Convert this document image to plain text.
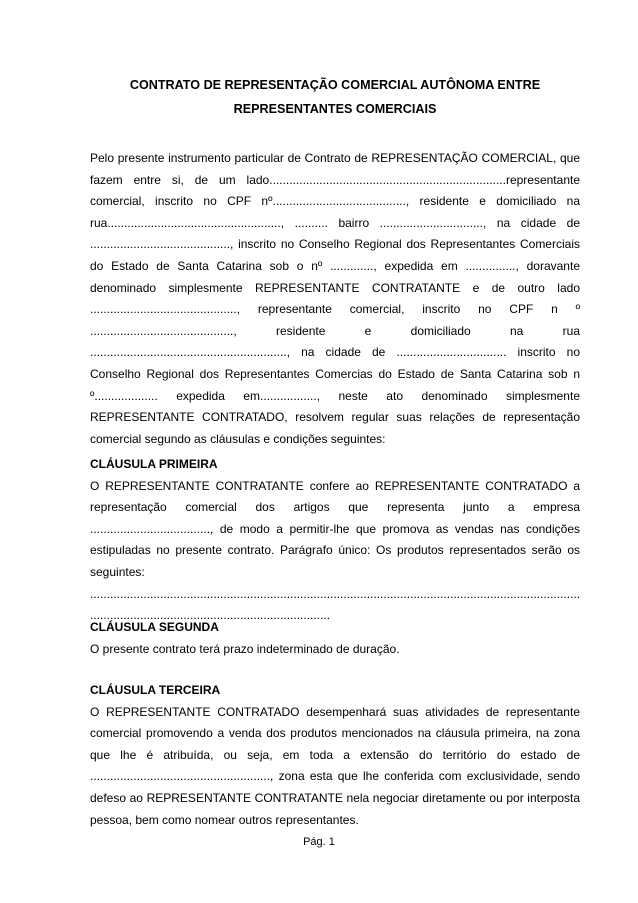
CONTRATO DE REPRESENTAÇÃO COMERCIAL AUTÔNOMA ENTRE
REPRESENTANTES COMERCIAIS

Pelo presente instrumento particular de Contrato de REPRESENTAÇÃO COMERCIAL, que fazem entre si, de um lado.......................................................................representante comercial, inscrito no CPF nº........................................, residente e domiciliado na rua...................................................., .......... bairro ..............................., na cidade de .........................................., inscrito no Conselho Regional dos Representantes Comerciais do Estado de Santa Catarina sob o nº ............., expedida em ..............., doravante denominado simplesmente REPRESENTANTE CONTRATANTE e de outro lado ............................................, representante comercial, inscrito no CPF n º ..........................................., residente e domiciliado na rua ..........................................................., na cidade de ................................. inscrito no Conselho Regional dos Representantes Comercias do Estado de Santa Catarina sob n º................... expedida em................., neste ato denominado simplesmente REPRESENTANTE CONTRATADO, resolvem regular suas relações de representação comercial segundo as cláusulas e condições seguintes:

CLÁUSULA PRIMEIRA

O REPRESENTANTE CONTRATANTE confere ao REPRESENTANTE CONTRATADO a representação comercial dos artigos que representa junto a empresa ...................................., de modo a permitir-lhe que promova as vendas nas condições estipuladas no presente contrato. Parágrafo único: Os produtos representados serão os seguintes:

...................................................................................................................................................
........................................................................

CLÁUSULA SEGUNDA

O presente contrato terá prazo indeterminado de duração.

CLÁUSULA TERCEIRA

O REPRESENTANTE CONTRATADO desempenhará suas atividades de representante comercial promovendo a venda dos produtos mencionados na cláusula primeira, na zona que lhe é atribuída, ou seja, em toda a extensão do território do estado de ......................................................, zona esta que lhe conferida com exclusividade, sendo defeso ao REPRESENTANTE CONTRATANTE nela negociar diretamente ou por interposta pessoa, bem como nomear outros representantes.

Pág. 1
